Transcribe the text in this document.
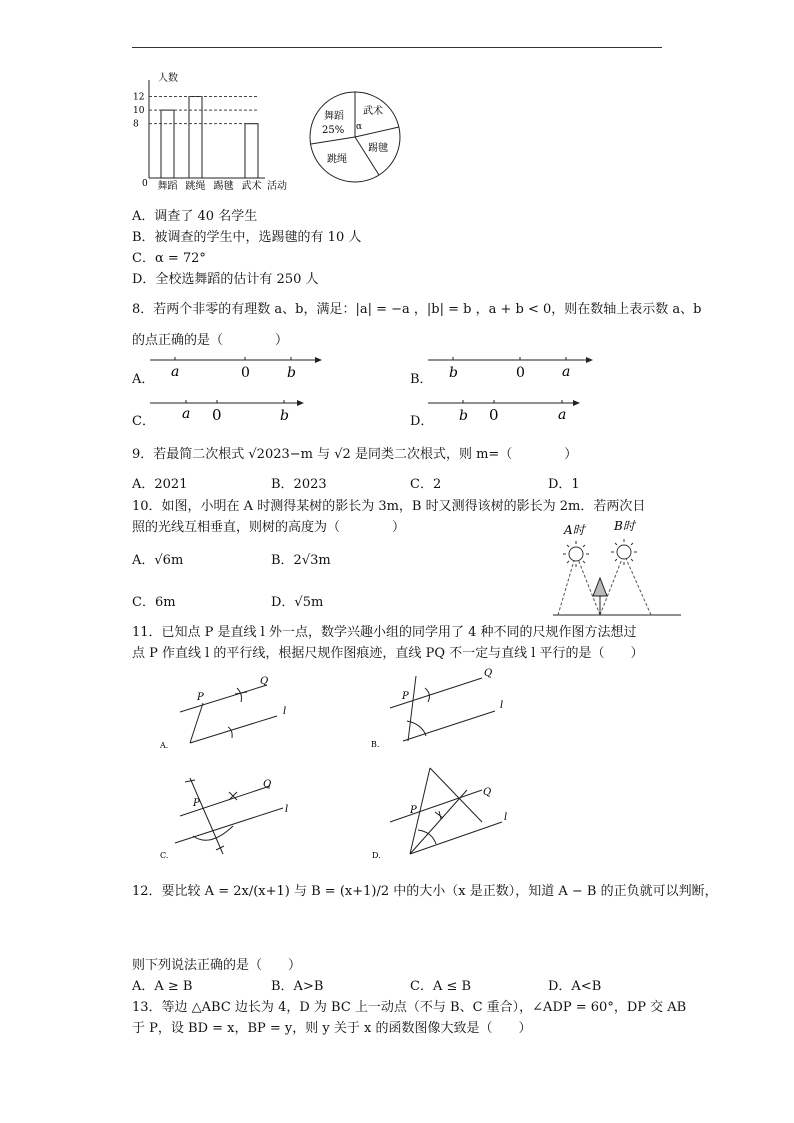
人数
0	活动
12
10
8
舞蹈 跳绳 踢毽 武术
武术
舞蹈
25% α
跳绳
踢毽
A．调查了 40 名学生
B．被调查的学生中，选踢毽的有 10 人
C．α = 72°
D．全校选舞蹈的估计有 250 人
8．若两个非零的有理数 a、b，满足：|a| = −a ，|b| = b ，a + b < 0，则在数轴上表示数 a、b
的点正确的是（　　　　）
A． a	0	b	B． b	0	a
C． a 0	b	D． b 0	a
9．若最简二次根式 √2023−m 与 √2 是同类二次根式，则 m=（　　　　）
A．2021	B．2023	C．2	D．1
10．如图，小明在 A 时测得某树的影长为 3m，B 时又测得该树的影长为 2m．若两次日
照的光线互相垂直，则树的高度为（　　　　）
A．√6m	B．2√3m
C．6m	D．√5m
A时 B时
11．已知点 P 是直线 l 外一点，数学兴趣小组的同学用了 4 种不同的尺规作图方法想过
点 P 作直线 l 的平行线，根据尺规作图痕迹，直线 PQ 不一定与直线 l 平行的是（　　）
P
Q
l
A.
P
Q
l
B.
P
Q
l
C.
P
Q
l
D.
12．要比较 A = 2x/(x+1) 与 B = (x+1)/2 中的大小（x 是正数），知道 A − B 的正负就可以判断，
则下列说法正确的是（　　）
A．A ≥ B	B．A>B	C．A ≤ B	D．A<B
13．等边 △ABC 边长为 4，D 为 BC 上一动点（不与 B、C 重合），∠ADP = 60°，DP 交 AB
于 P，设 BD = x，BP = y，则 y 关于 x 的函数图像大致是（　　）
